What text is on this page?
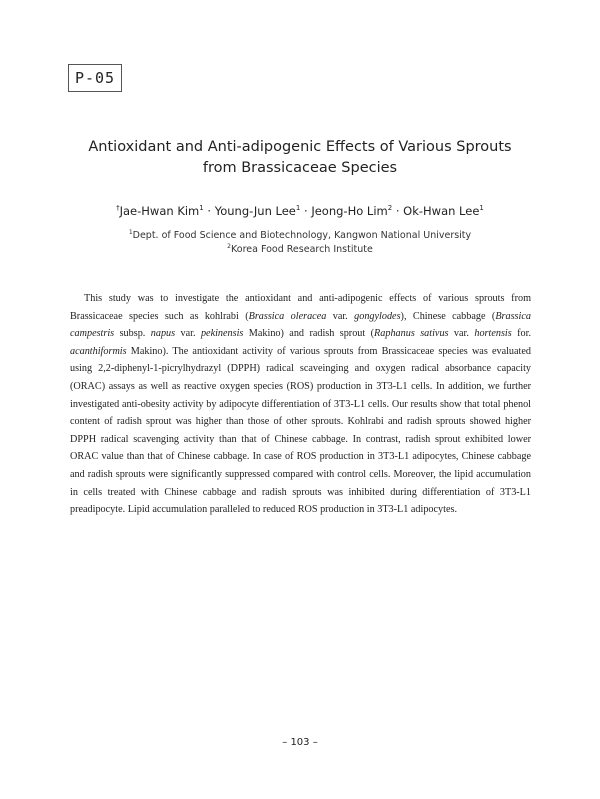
P-05
Antioxidant and Anti-adipogenic Effects of Various Sprouts
from Brassicaceae Species
†Jae-Hwan Kim$^1$ · Young-Jun Lee$^1$ · Jeong-Ho Lim$^2$ · Ok-Hwan Lee$^1$
$^1$Dept. of Food Science and Biotechnology, Kangwon National University
$^2$Korea Food Research Institute
This study was to investigate the antioxidant and anti-adipogenic effects of various sprouts from Brassicaceae species such as kohlrabi (Brassica oleracea var. gongylodes), Chinese cabbage (Brassica campestris subsp. napus var. pekinensis Makino) and radish sprout (Raphanus sativus var. hortensis for. acanthiformis Makino). The antioxidant activity of various sprouts from Brassicaceae species was evaluated using 2,2-diphenyl-1-picrylhydrazyl (DPPH) radical scaveinging and oxygen radical absorbance capacity (ORAC) assays as well as reactive oxygen species (ROS) production in 3T3-L1 cells. In addition, we further investigated anti-obesity activity by adipocyte differentiation of 3T3-L1 cells. Our results show that total phenol content of radish sprout was higher than those of other sprouts. Kohlrabi and radish sprouts showed higher DPPH radical scavenging activity than that of Chinese cabbage. In contrast, radish sprout exhibited lower ORAC value than that of Chinese cabbage. In case of ROS production in 3T3-L1 adipocytes, Chinese cabbage and radish sprouts were significantly suppressed compared with control cells. Moreover, the lipid accumulation in cells treated with Chinese cabbage and radish sprouts was inhibited during differentiation of 3T3-L1 preadipocyte. Lipid accumulation paralleled to reduced ROS production in 3T3-L1 adipocytes.
– 103 –
